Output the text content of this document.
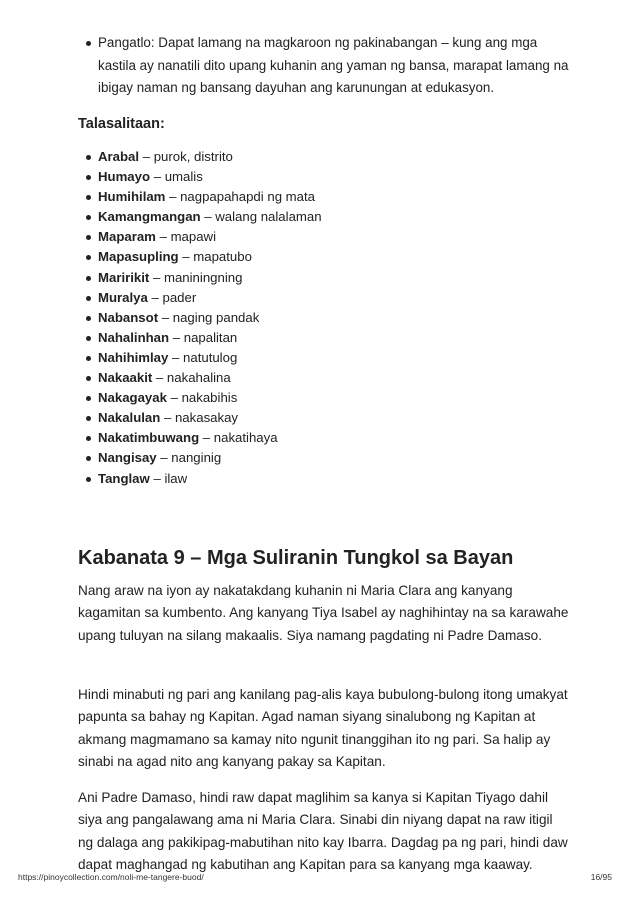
Pangatlo: Dapat lamang na magkaroon ng pakinabangan – kung ang mga kastila ay nanatili dito upang kuhanin ang yaman ng bansa, marapat lamang na ibigay naman ng bansang dayuhan ang karunungan at edukasyon.
Talasalitaan:
Arabal – purok, distrito
Humayo – umalis
Humihilam – nagpapahapdi ng mata
Kamangmangan – walang nalalaman
Maparam – mapawi
Mapasupling – mapatubo
Maririkit – maniningning
Muralya – pader
Nabansot – naging pandak
Nahalinhan – napalitan
Nahihimlay – natutulog
Nakaakit – nakahalina
Nakagayak – nakabihis
Nakalulan – nakasakay
Nakatimbuwang – nakatihaya
Nangisay – nanginig
Tanglaw – ilaw
Kabanata 9 – Mga Suliranin Tungkol sa Bayan

Nang araw na iyon ay nakatakdang kuhanin ni Maria Clara ang kanyang kagamitan sa kumbento. Ang kanyang Tiya Isabel ay naghihintay na sa karawahe upang tuluyan na silang makaalis. Siya namang pagdating ni Padre Damaso.

Hindi minabuti ng pari ang kanilang pag-alis kaya bubulong-bulong itong umakyat papunta sa bahay ng Kapitan. Agad naman siyang sinalubong ng Kapitan at akmang magmamano sa kamay nito ngunit tinanggihan ito ng pari. Sa halip ay sinabi na agad nito ang kanyang pakay sa Kapitan.

Ani Padre Damaso, hindi raw dapat maglihim sa kanya si Kapitan Tiyago dahil siya ang pangalawang ama ni Maria Clara. Sinabi din niyang dapat na raw itigil ng dalaga ang pakikipag-mabutihan nito kay Ibarra. Dagdag pa ng pari, hindi daw dapat maghangad ng kabutihan ang Kapitan para sa kanyang mga kaaway.

https://pinoycollection.com/noli-me-tangere-buod/	16/95
